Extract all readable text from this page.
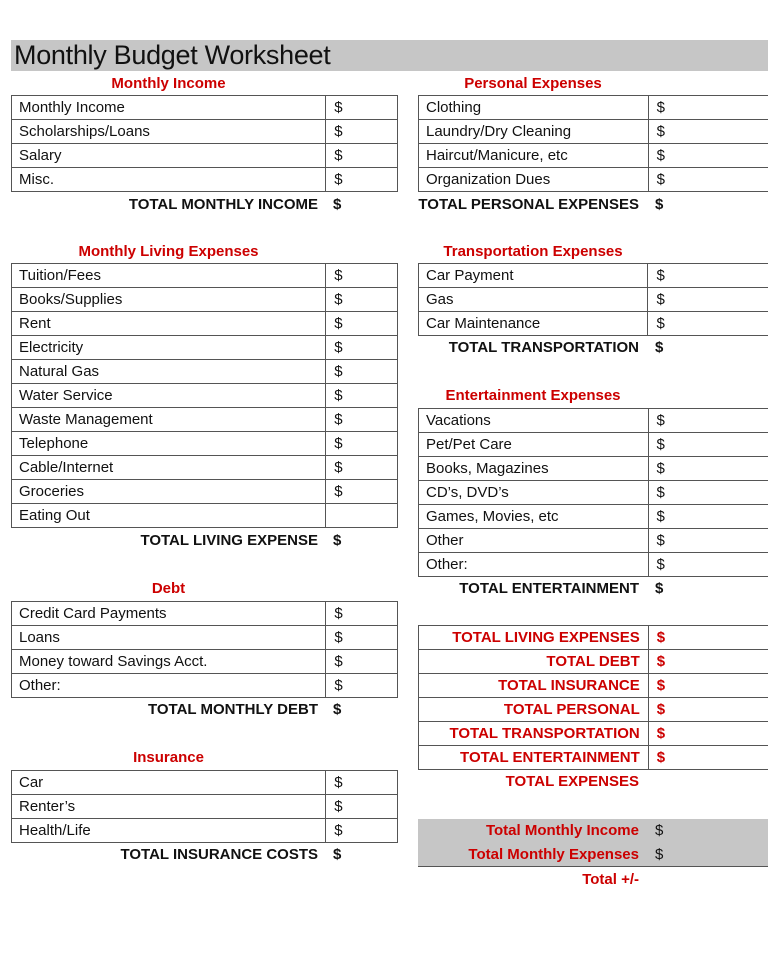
Monthly Budget Worksheet
Monthly Income
Monthly Income	$
Scholarships/Loans	$
Salary	$
Misc.	$
TOTAL MONTHLY INCOME $
Monthly Living Expenses
Tuition/Fees	$
Books/Supplies	$
Rent	$
Electricity	$
Natural Gas	$
Water Service	$
Waste Management	$
Telephone	$
Cable/Internet	$
Groceries	$
Eating Out	
TOTAL LIVING EXPENSE $
Debt
Credit Card Payments	$
Loans	$
Money toward Savings Acct.	$
Other:	$
TOTAL MONTHLY DEBT $
Insurance
Car	$
Renter’s	$
Health/Life	$
TOTAL INSURANCE COSTS $
Personal Expenses
Clothing	$
Laundry/Dry Cleaning	$
Haircut/Manicure, etc	$
Organization Dues	$
TOTAL PERSONAL EXPENSES $
Transportation Expenses
Car Payment	$
Gas	$
Car Maintenance	$
TOTAL TRANSPORTATION $
Entertainment Expenses
Vacations	$
Pet/Pet Care	$
Books, Magazines	$
CD’s, DVD’s	$
Games, Movies, etc	$
Other	$
Other:	$
TOTAL ENTERTAINMENT $
TOTAL LIVING EXPENSES	$
TOTAL DEBT	$
TOTAL INSURANCE	$
TOTAL PERSONAL	$
TOTAL TRANSPORTATION	$
TOTAL ENTERTAINMENT	$
TOTAL EXPENSES
Total Monthly Income $
Total Monthly Expenses $
Total +/-
